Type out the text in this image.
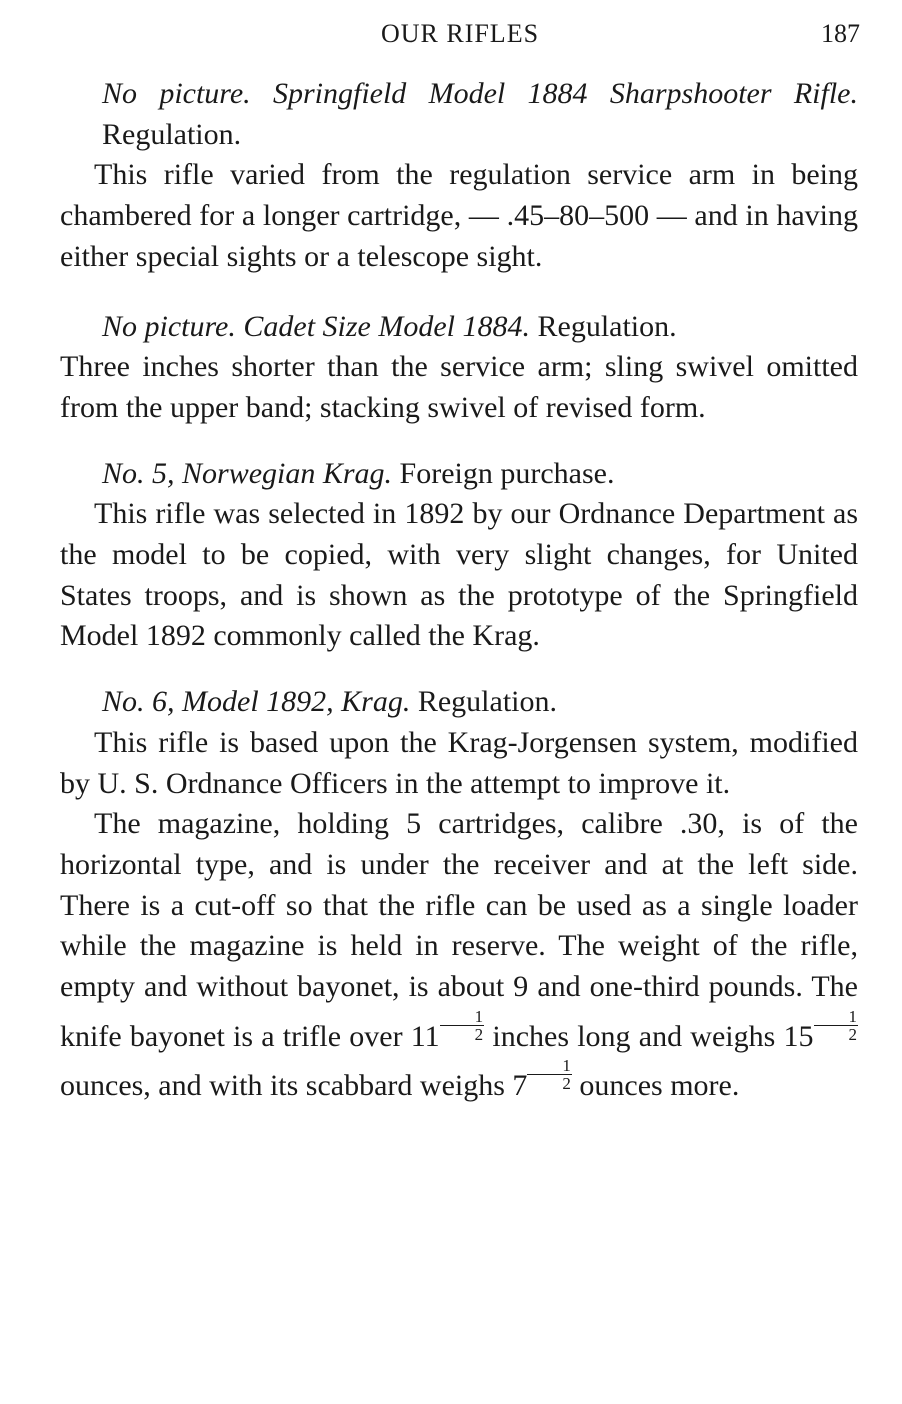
OUR RIFLES	187

No picture. Springfield Model 1884 Sharpshooter Rifle. Regulation.

This rifle varied from the regulation service arm in being chambered for a longer cartridge, — .45–80–500 — and in having either special sights or a telescope sight.

No picture. Cadet Size Model 1884. Regulation.

Three inches shorter than the service arm; sling swivel omitted from the upper band; stacking swivel of revised form.

No. 5, Norwegian Krag. Foreign purchase.

This rifle was selected in 1892 by our Ordnance Department as the model to be copied, with very slight changes, for United States troops, and is shown as the prototype of the Springfield Model 1892 commonly called the Krag.

No. 6, Model 1892, Krag. Regulation.

This rifle is based upon the Krag-Jorgensen system, modified by U. S. Ordnance Officers in the attempt to improve it.

The magazine, holding 5 cartridges, calibre .30, is of the horizontal type, and is under the receiver and at the left side. There is a cut-off so that the rifle can be used as a single loader while the magazine is held in reserve. The weight of the rifle, empty and without bayonet, is about 9 and one-third pounds. The knife bayonet is a trifle over $11 \frac{1}{2}$ inches long and weighs $15 \frac{1}{2}$
ounces, and with its scabbard weighs $7 \frac{1}{2}$ ounces more.
